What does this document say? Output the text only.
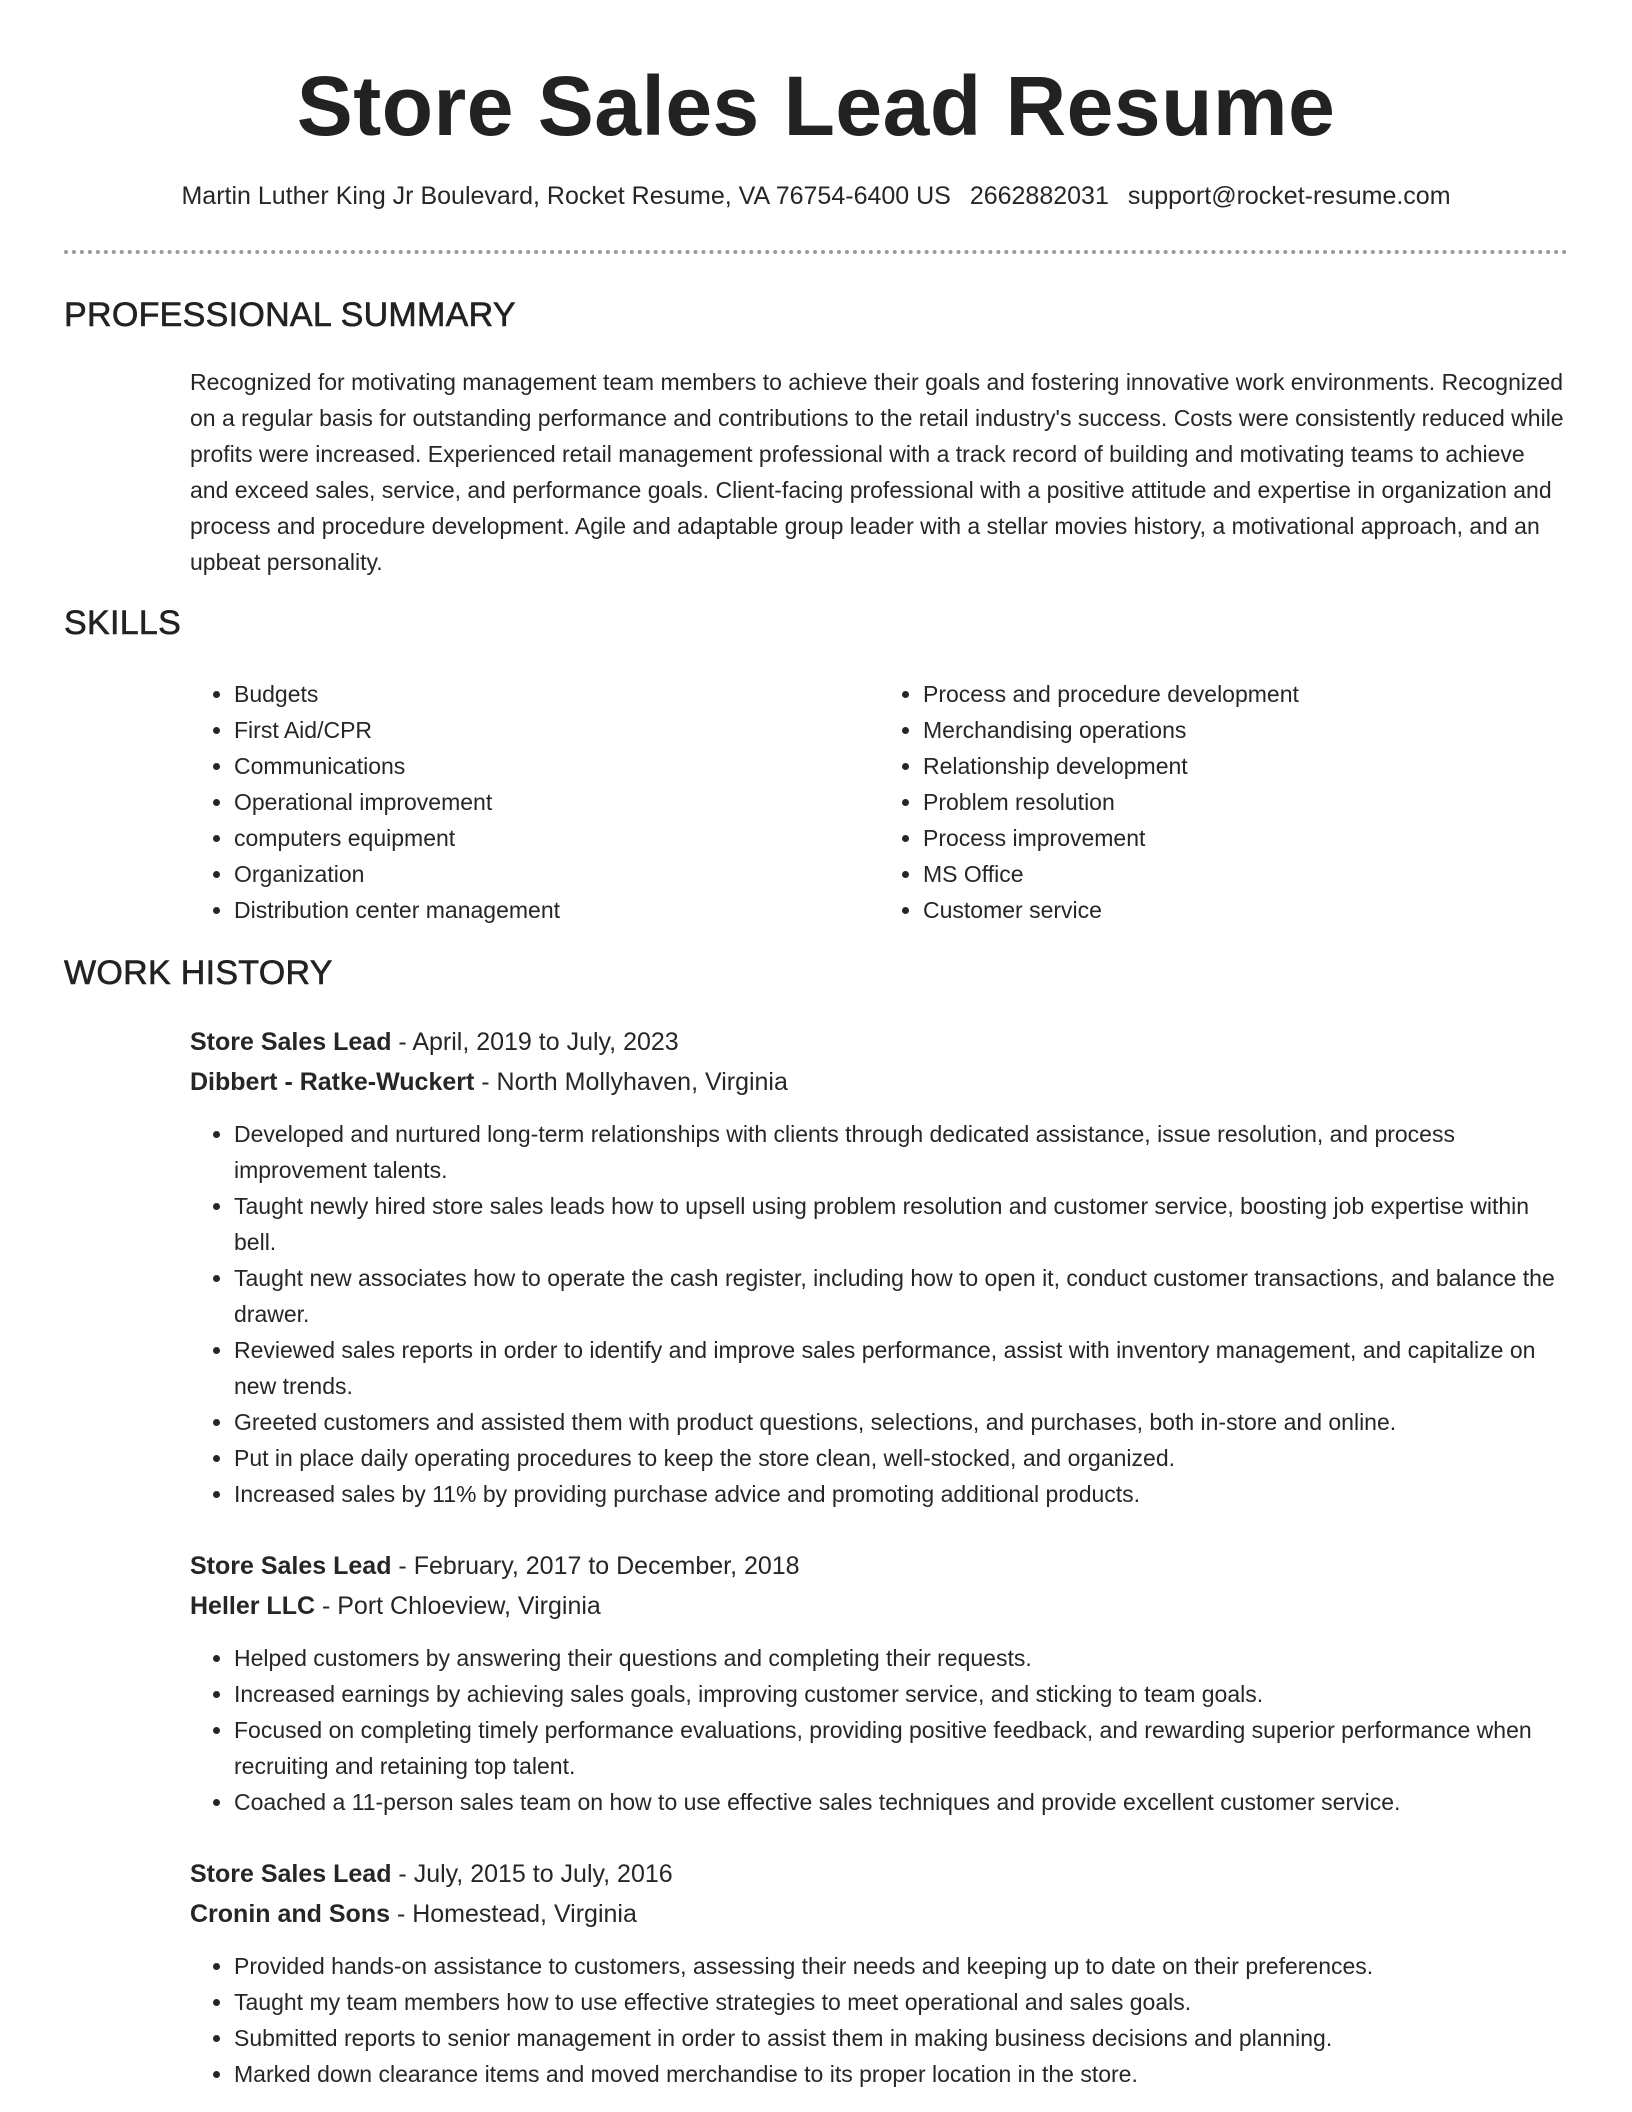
Store Sales Lead Resume
Martin Luther King Jr Boulevard, Rocket Resume, VA 76754-6400 US 2662882031 support@rocket-resume.com
PROFESSIONAL SUMMARY

Recognized for motivating management team members to achieve their goals and fostering innovative work environments. Recognized on a regular basis for outstanding performance and contributions to the retail industry's success. Costs were consistently reduced while profits were increased. Experienced retail management professional with a track record of building and motivating teams to achieve and exceed sales, service, and performance goals. Client-facing professional with a positive attitude and expertise in organization and process and procedure development. Agile and adaptable group leader with a stellar movies history, a motivational approach, and an upbeat personality.

SKILLS
• Budgets
• First Aid/CPR
• Communications
• Operational improvement
• computers equipment
• Organization
• Distribution center management
• Process and procedure development
• Merchandising operations
• Relationship development
• Problem resolution
• Process improvement
• MS Office
• Customer service
WORK HISTORY
Store Sales Lead - April, 2019 to July, 2023
Dibbert - Ratke-Wuckert - North Mollyhaven, Virginia
• Developed and nurtured long-term relationships with clients through dedicated assistance, issue resolution, and process improvement talents.
• Taught newly hired store sales leads how to upsell using problem resolution and customer service, boosting job expertise within bell.
• Taught new associates how to operate the cash register, including how to open it, conduct customer transactions, and balance the drawer.
• Reviewed sales reports in order to identify and improve sales performance, assist with inventory management, and capitalize on new trends.
• Greeted customers and assisted them with product questions, selections, and purchases, both in-store and online.
• Put in place daily operating procedures to keep the store clean, well-stocked, and organized.
• Increased sales by 11% by providing purchase advice and promoting additional products.
Store Sales Lead - February, 2017 to December, 2018
Heller LLC - Port Chloeview, Virginia
• Helped customers by answering their questions and completing their requests.
• Increased earnings by achieving sales goals, improving customer service, and sticking to team goals.
• Focused on completing timely performance evaluations, providing positive feedback, and rewarding superior performance when recruiting and retaining top talent.
• Coached a 11-person sales team on how to use effective sales techniques and provide excellent customer service.
Store Sales Lead - July, 2015 to July, 2016
Cronin and Sons - Homestead, Virginia
• Provided hands-on assistance to customers, assessing their needs and keeping up to date on their preferences.
• Taught my team members how to use effective strategies to meet operational and sales goals.
• Submitted reports to senior management in order to assist them in making business decisions and planning.
• Marked down clearance items and moved merchandise to its proper location in the store.
